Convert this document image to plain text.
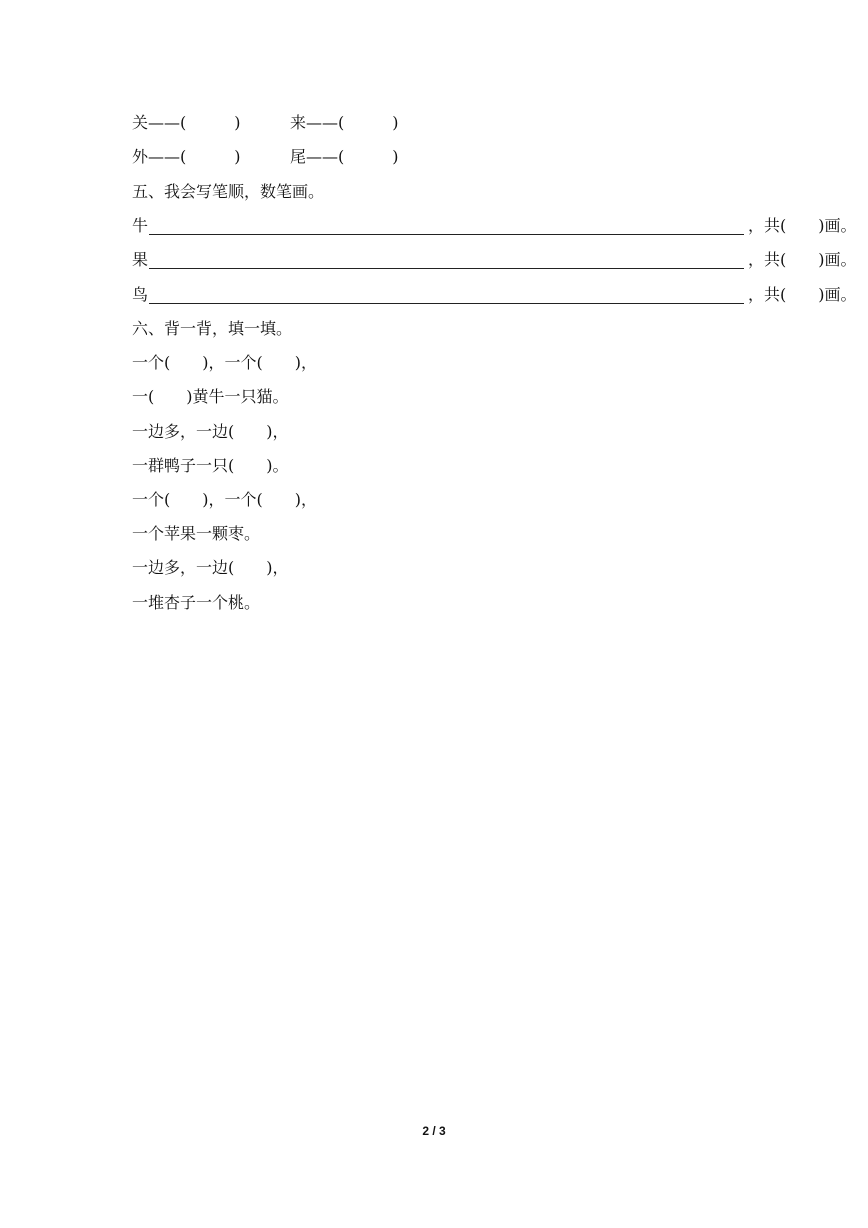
关——(　　　)	来——(　　　)
外——(　　　)	尾——(　　　)
五、我会写笔顺，数笔画。
牛	，共(　　)画。
果	，共(　　)画。
鸟	，共(　　)画。
六、背一背，填一填。
一个(　　)，一个(　　)，
一(　　)黄牛一只猫。
一边多，一边(　　)，
一群鸭子一只(　　)。
一个(　　)，一个(　　)，
一个苹果一颗枣。
一边多，一边(　　)，
一堆杏子一个桃。
2 / 3
